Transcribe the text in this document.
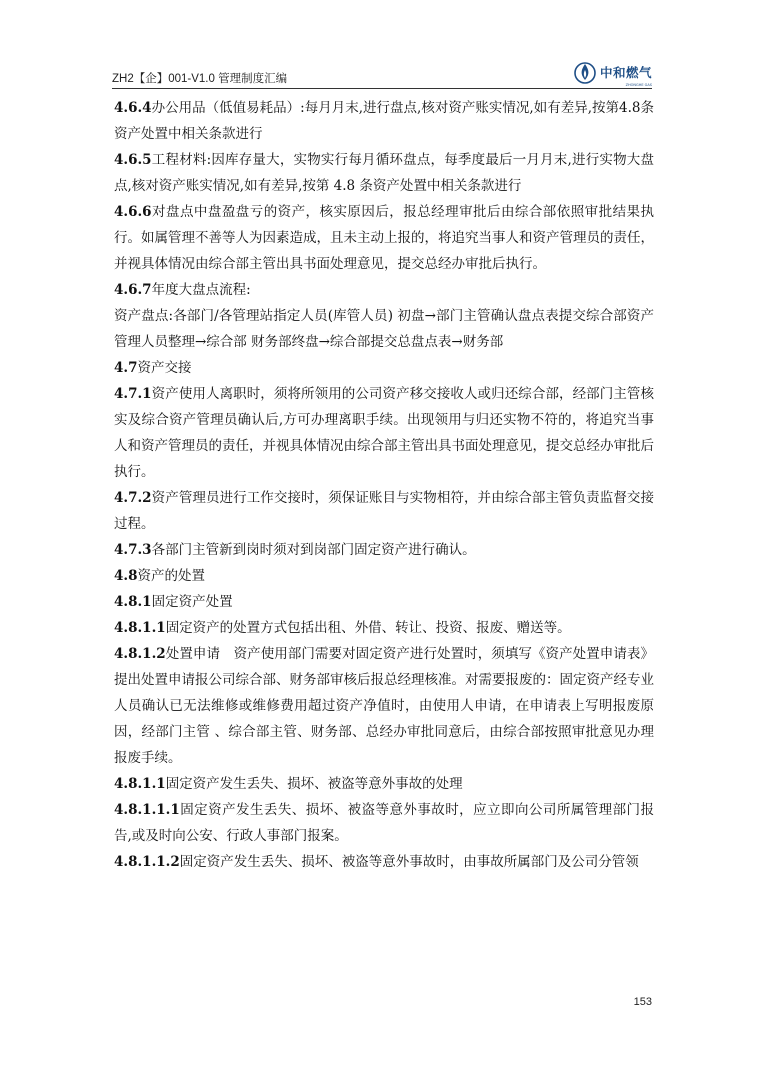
ZH2【企】001-V1.0 管理制度汇编	中和燃气
ZHONGHE GAS

4.6.4办公用品（低值易耗品）:每月月末,进行盘点,核对资产账实情况,如有差异,按第4.8条资产处置中相关条款进行

4.6.5工程材料:因库存量大，实物实行每月循环盘点，每季度最后一月月末,进行实物大盘点,核对资产账实情况,如有差异,按第 4.8 条资产处置中相关条款进行

4.6.6对盘点中盘盈盘亏的资产，核实原因后，报总经理审批后由综合部依照审批结果执行。如属管理不善等人为因素造成，且未主动上报的，将追究当事人和资产管理员的责任，并视具体情况由综合部主管出具书面处理意见，提交总经办审批后执行。

4.6.7年度大盘点流程:

资产盘点:各部门/各管理站指定人员(库管人员) 初盘→部门主管确认盘点表提交综合部资产管理人员整理→综合部 财务部终盘→综合部提交总盘点表→财务部

4.7资产交接

4.7.1资产使用人离职时，须将所领用的公司资产移交接收人或归还综合部，经部门主管核实及综合资产管理员确认后,方可办理离职手续。出现领用与归还实物不符的，将追究当事人和资产管理员的责任，并视具体情况由综合部主管出具书面处理意见，提交总经办审批后执行。

4.7.2资产管理员进行工作交接时，须保证账目与实物相符，并由综合部主管负责监督交接过程。

4.7.3各部门主管新到岗时须对到岗部门固定资产进行确认。

4.8资产的处置

4.8.1固定资产处置

4.8.1.1固定资产的处置方式包括出租、外借、转让、投资、报废、赠送等。

4.8.1.2处置申请　资产使用部门需要对固定资产进行处置时，须填写《资产处置申请表》提出处置申请报公司综合部、财务部审核后报总经理核准。对需要报废的：固定资产经专业人员确认已无法维修或维修费用超过资产净值时，由使用人申请，在申请表上写明报废原因，经部门主管 、综合部主管、财务部、总经办审批同意后，由综合部按照审批意见办理报废手续。

4.8.1.1固定资产发生丢失、损坏、被盗等意外事故的处理

4.8.1.1.1固定资产发生丢失、损坏、被盗等意外事故时，应立即向公司所属管理部门报告,或及时向公安、行政人事部门报案。

4.8.1.1.2固定资产发生丢失、损坏、被盗等意外事故时，由事故所属部门及公司分管领

153
